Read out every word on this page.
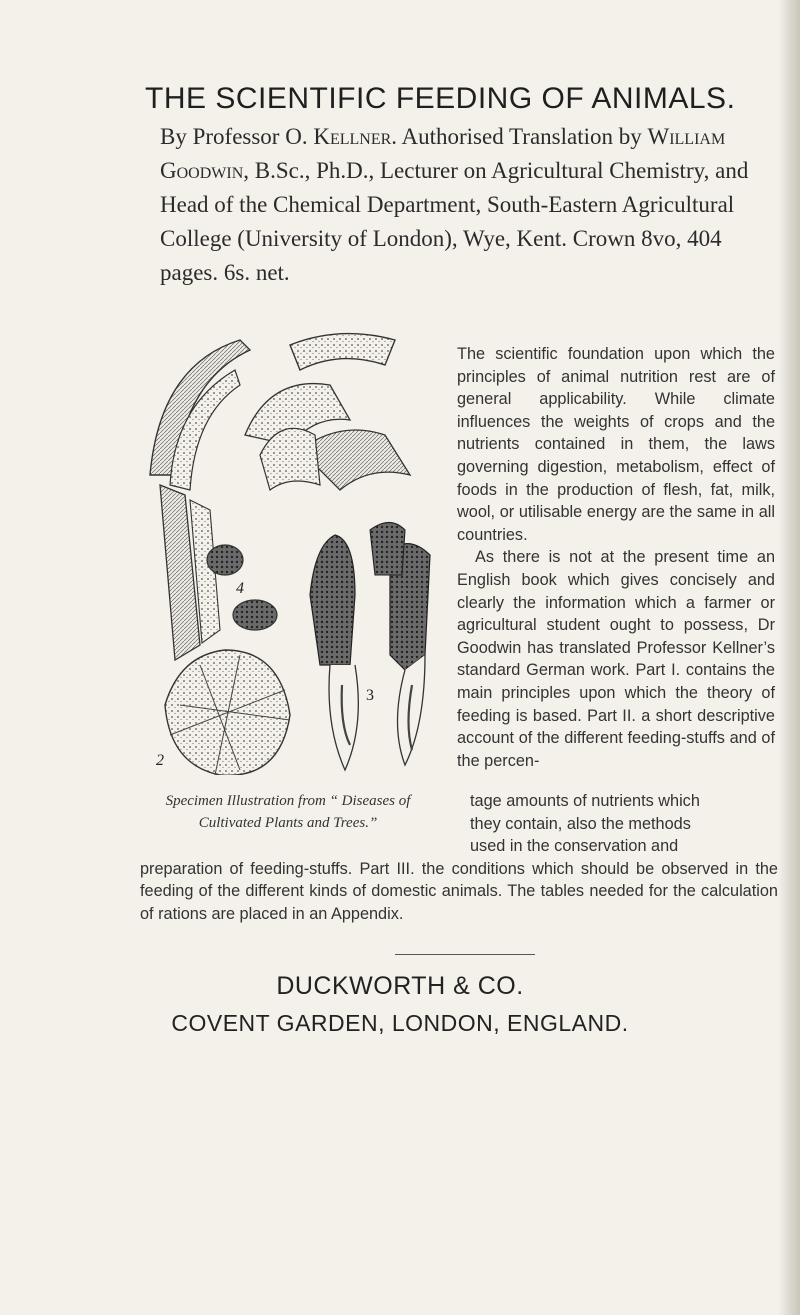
THE SCIENTIFIC FEEDING OF ANIMALS.
By Professor O. Kellner. Authorised Translation by William Goodwin, B.Sc., Ph.D., Lecturer on Agricultural Chemistry, and Head of the Chemical Department, South-Eastern Agricultural College (University of London), Wye, Kent. Crown 8vo, 404 pages. 6s. net.
4
3
2

The scientific foundation upon which the principles of animal nutrition rest are of general applicability. While climate influences the weights of crops and the nutrients contained in them, the laws governing digestion, metabolism, effect of foods in the production of flesh, fat, milk, wool, or utilisable energy are the same in all countries.

As there is not at the present time an English book which gives concisely and clearly the information which a farmer or agricultural student ought to possess, Dr Goodwin has translated Professor Kellner’s standard German work. Part I. contains the main principles upon which the theory of feeding is based. Part II. a short descriptive account of the different feeding-stuffs and of the percen-

Specimen Illustration from “ Diseases of
Cultivated Plants and Trees.”
tage amounts of nutrients which
they contain, also the methods
used in the conservation and
preparation of feeding-stuffs. Part III. the conditions which should be observed in the feeding of the different kinds of domestic animals. The tables needed for the calculation of rations are placed in an Appendix.
DUCKWORTH & CO.
COVENT GARDEN, LONDON, ENGLAND.
